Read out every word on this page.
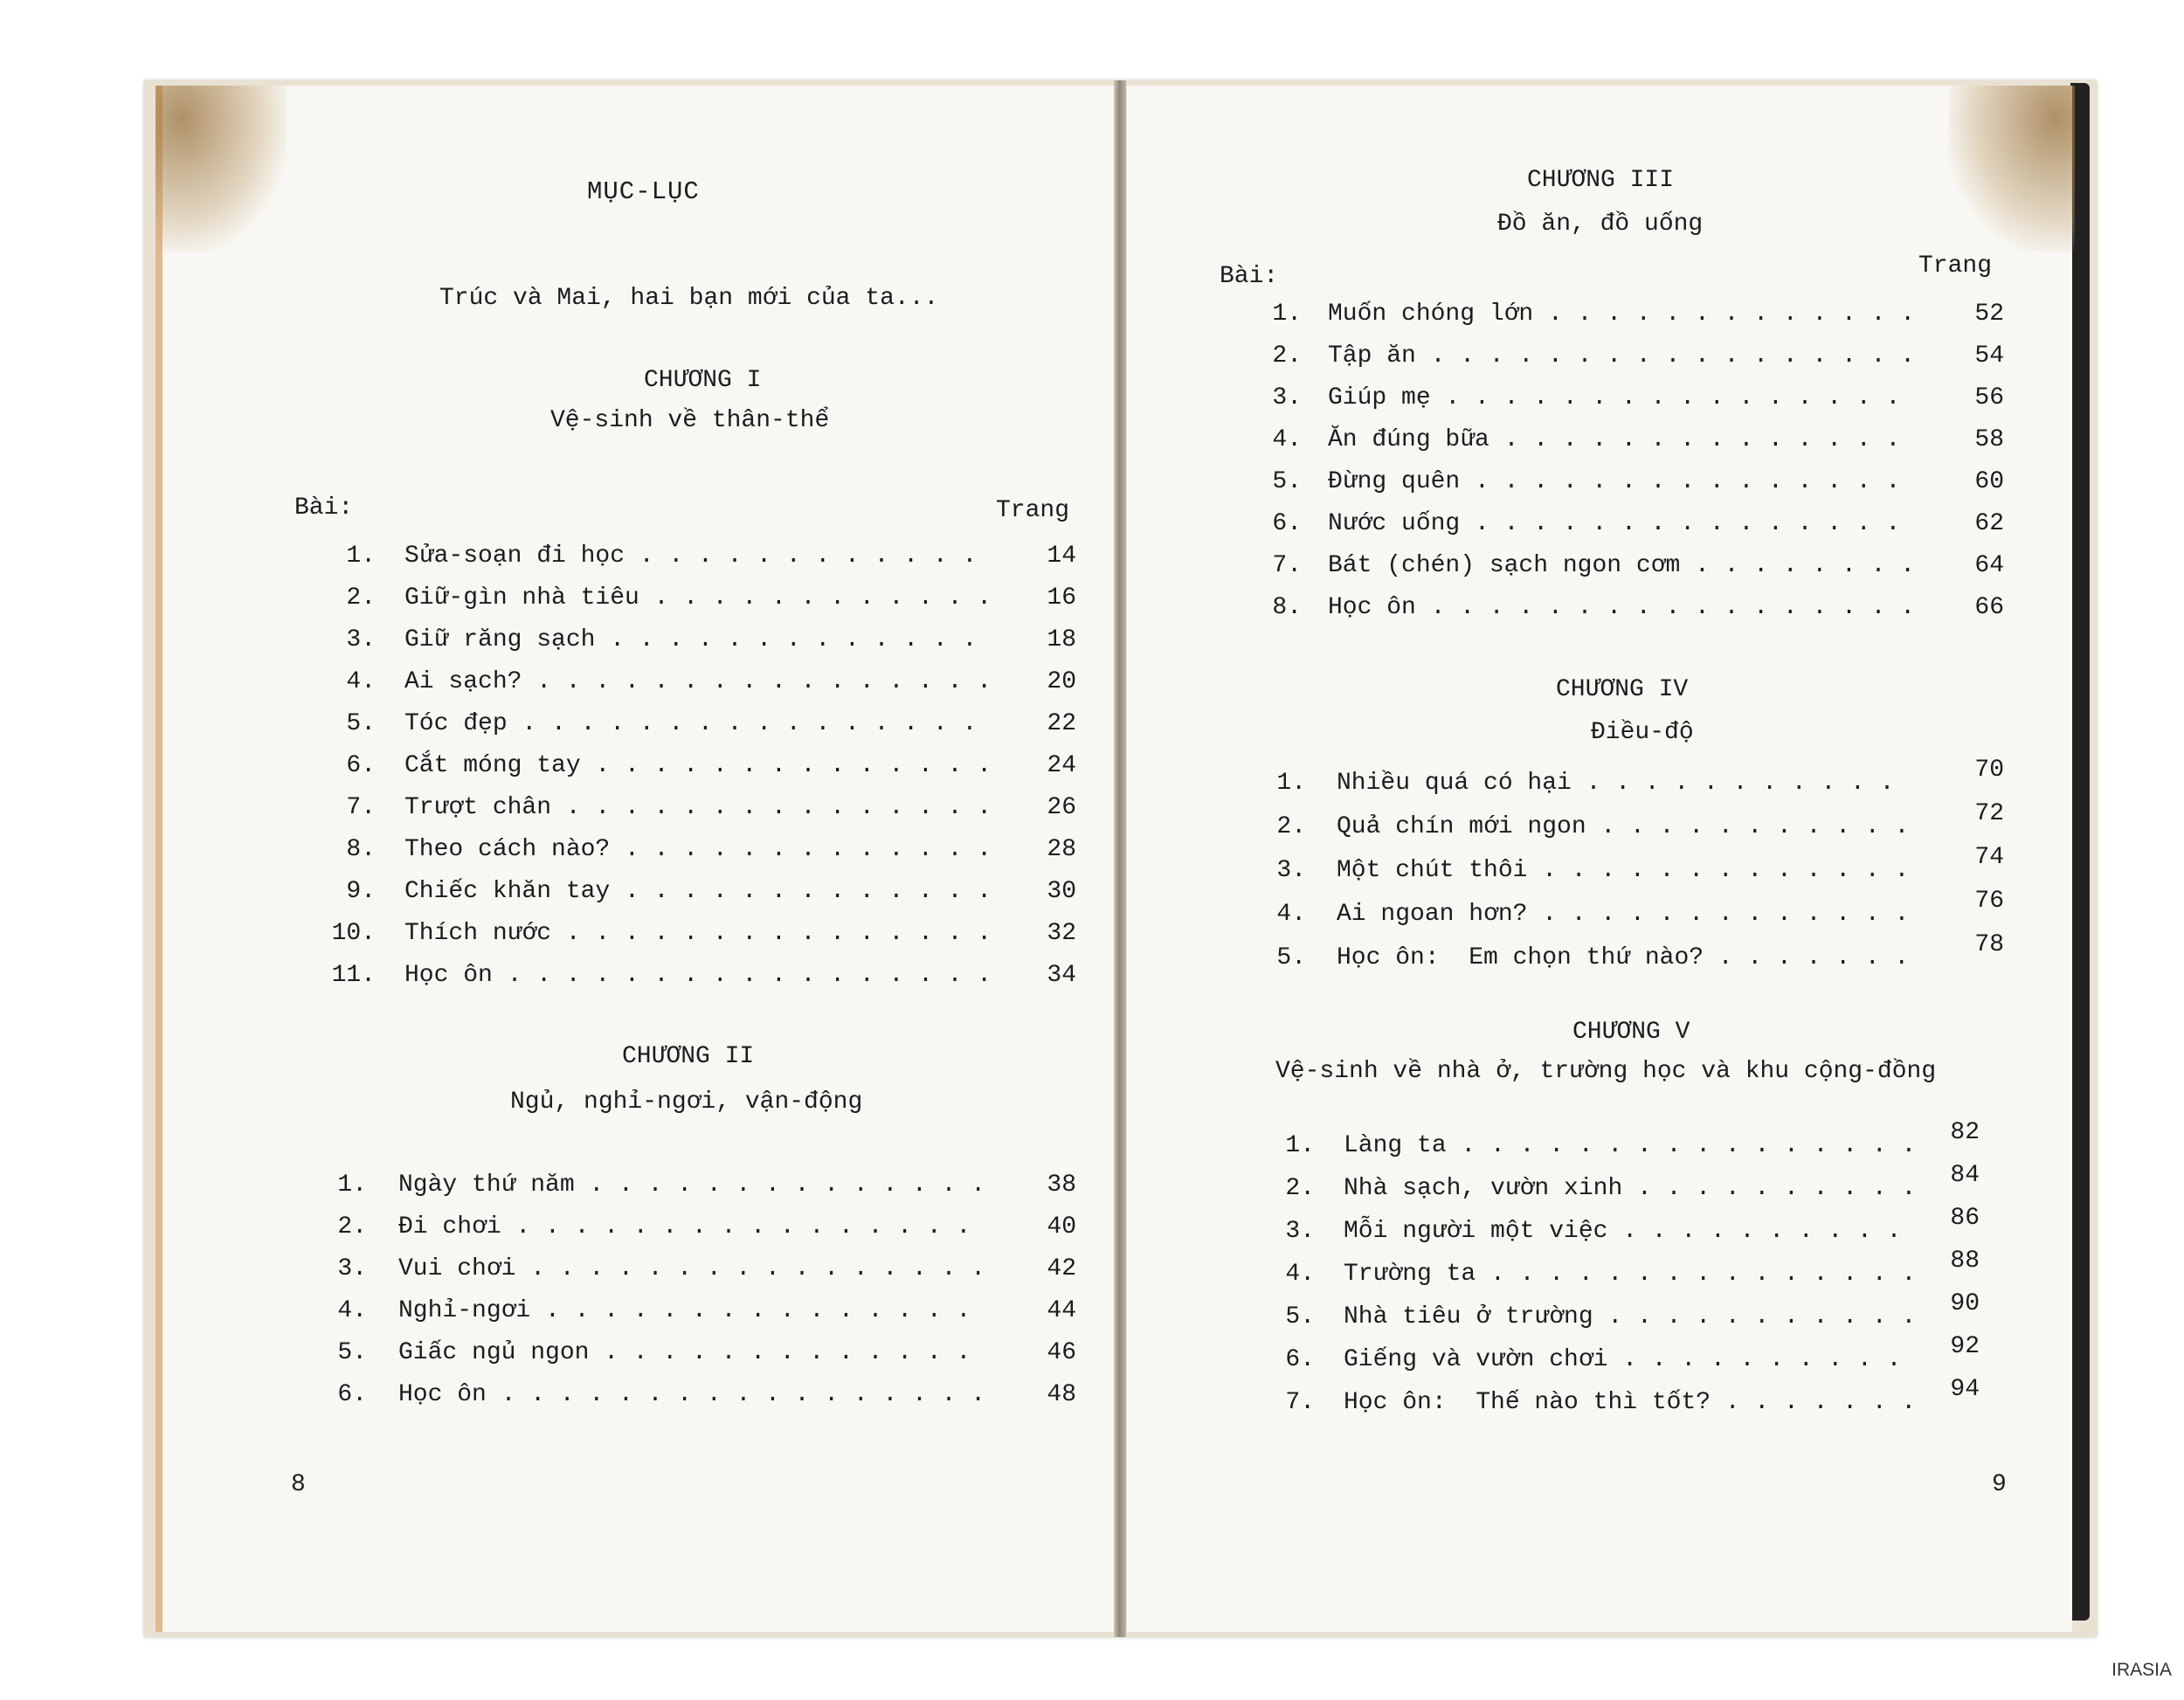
MỤC-LỤC
Trúc và Mai, hai bạn mới của ta...
CHƯƠNG I
Vệ-sinh về thân-thể
Bài:	Trang
1. Sửa-soạn đi học . . . . . . . . . . . .	14
2. Giữ-gìn nhà tiêu . . . . . . . . . . . .	16
3. Giữ răng sạch . . . . . . . . . . . . .	18
4. Ai sạch? . . . . . . . . . . . . . . . .	20
5. Tóc đẹp . . . . . . . . . . . . . . . .	22
6. Cắt móng tay . . . . . . . . . . . . . .	24
7. Trượt chân . . . . . . . . . . . . . . .	26
8. Theo cách nào? . . . . . . . . . . . . .	28
9. Chiếc khăn tay . . . . . . . . . . . . .	30
10. Thích nước . . . . . . . . . . . . . . .	32
11. Học ôn . . . . . . . . . . . . . . . . .	34
CHƯƠNG II
Ngủ, nghỉ-ngơi, vận-động
1. Ngày thứ năm . . . . . . . . . . . . . .	38
2. Đi chơi . . . . . . . . . . . . . . . .	40
3. Vui chơi . . . . . . . . . . . . . . . .	42
4. Nghỉ-ngơi . . . . . . . . . . . . . . .	44
5. Giấc ngủ ngon . . . . . . . . . . . . .	46
6. Học ôn . . . . . . . . . . . . . . . . .	48
8
CHƯƠNG III
Đồ ăn, đồ uống
Bài:	Trang
1. Muốn chóng lớn . . . . . . . . . . . . .	52
2. Tập ăn . . . . . . . . . . . . . . . . .	54
3. Giúp mẹ . . . . . . . . . . . . . . . .	56
4. Ăn đúng bữa . . . . . . . . . . . . . .	58
5. Đừng quên . . . . . . . . . . . . . . .	60
6. Nước uống . . . . . . . . . . . . . . .	62
7. Bát (chén) sạch ngon cơm . . . . . . . .	64
8. Học ôn . . . . . . . . . . . . . . . . .	66
CHƯƠNG IV
Điều-độ
1. Nhiều quá có hại . . . . . . . . . . .	70
2. Quả chín mới ngon . . . . . . . . . . .	72
3. Một chút thôi . . . . . . . . . . . . .	74
4. Ai ngoan hơn? . . . . . . . . . . . . .	76
5. Học ôn:  Em chọn thứ nào? . . . . . . .	78
CHƯƠNG V
Vệ-sinh về nhà ở, trường học và khu cộng-đồng
1. Làng ta . . . . . . . . . . . . . . . .	82
2. Nhà sạch, vườn xinh . . . . . . . . . .	84
3. Mỗi người một việc . . . . . . . . . .	86
4. Trường ta . . . . . . . . . . . . . . .	88
5. Nhà tiêu ở trường . . . . . . . . . . .	90
6. Giếng và vườn chơi . . . . . . . . . .	92
7. Học ôn:  Thế nào thì tốt? . . . . . . .	94
9
IRASIA
